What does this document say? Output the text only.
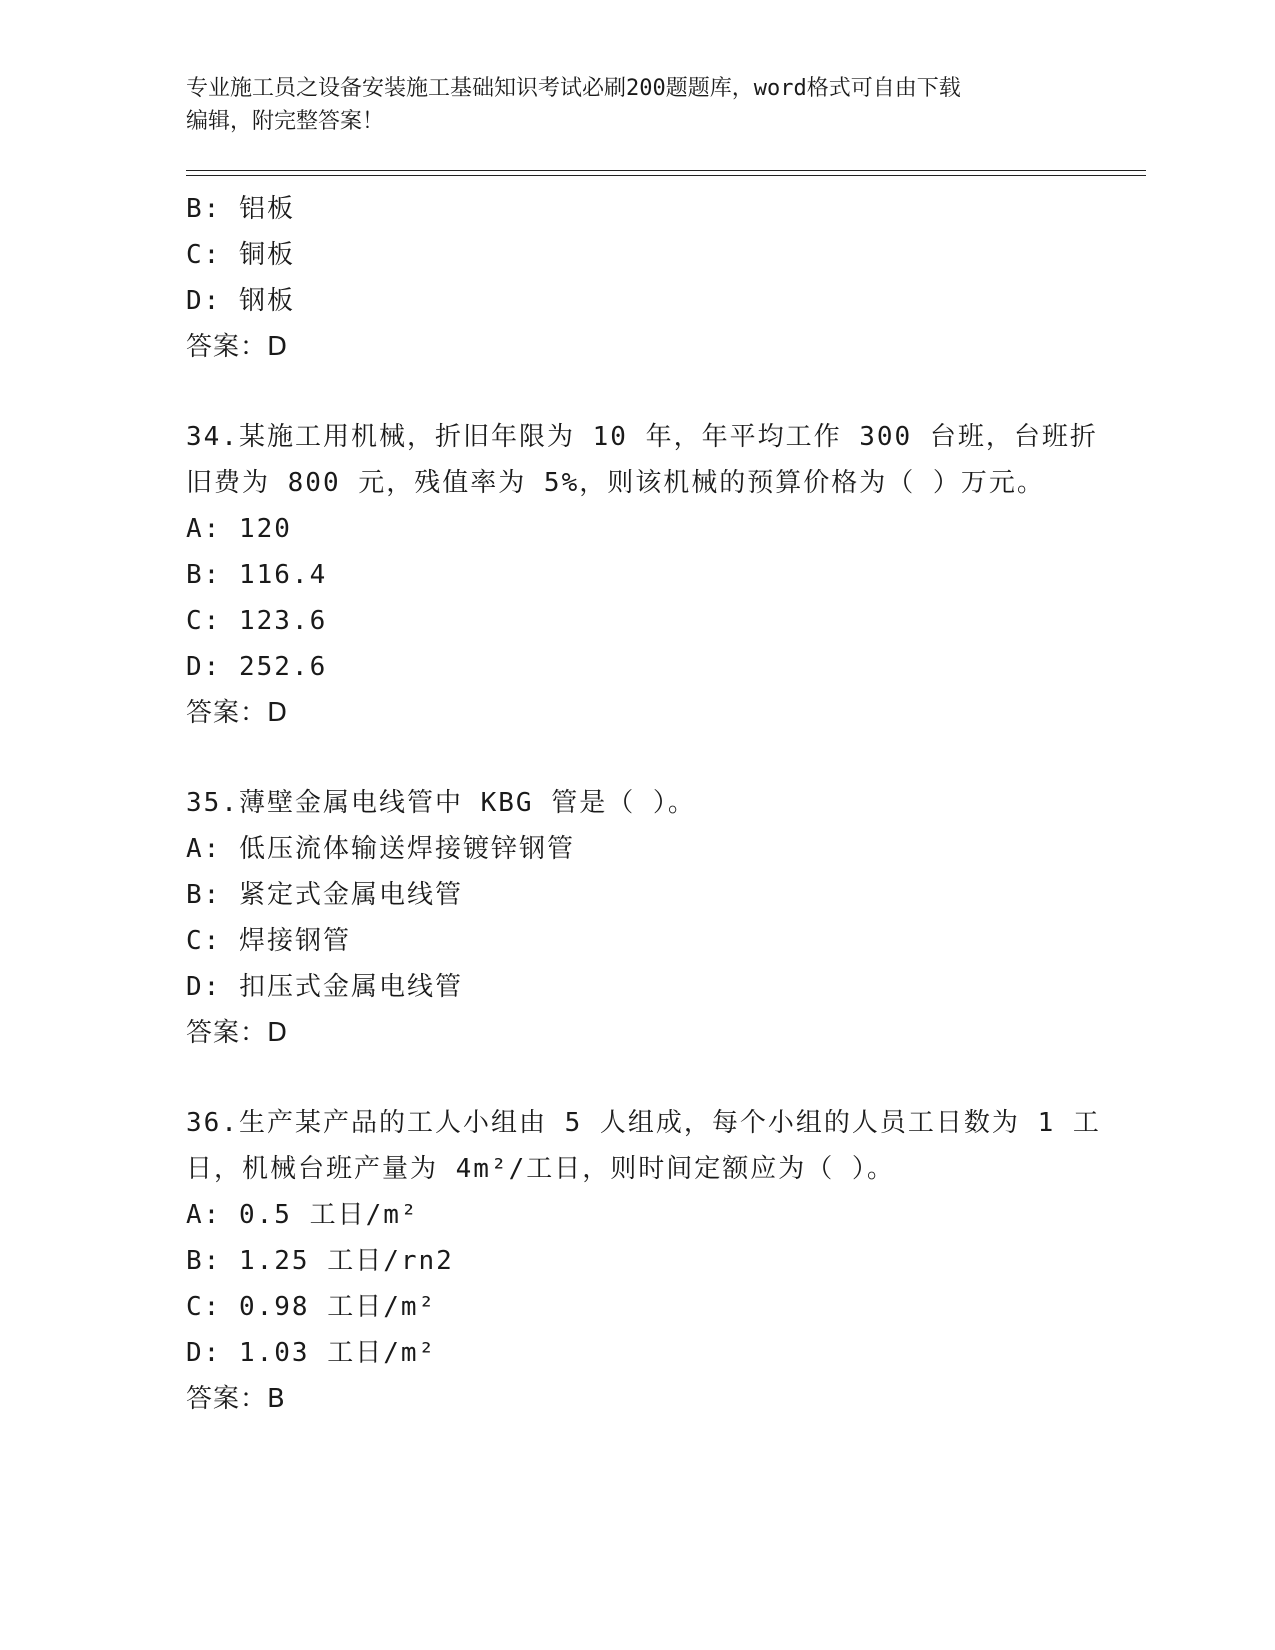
专业施工员之设备安装施工基础知识考试必刷200题题库，word格式可自由下载
编辑，附完整答案！
B: 铝板
C: 铜板
D: 钢板
答案：D
34.某施工用机械，折旧年限为 10 年，年平均工作 300 台班，台班折
旧费为 800 元，残值率为 5%，则该机械的预算价格为（ ）万元。
A: 120
B: 116.4
C: 123.6
D: 252.6
答案：D
35.薄壁金属电线管中 KBG 管是（ ）。
A: 低压流体输送焊接镀锌钢管
B: 紧定式金属电线管
C: 焊接钢管
D: 扣压式金属电线管
答案：D
36.生产某产品的工人小组由 5 人组成，每个小组的人员工日数为 1 工
日，机械台班产量为 4m²/工日，则时间定额应为（ ）。
A: 0.5 工日/m²
B: 1.25 工日/rn2
C: 0.98 工日/m²
D: 1.03 工日/m²
答案：B
